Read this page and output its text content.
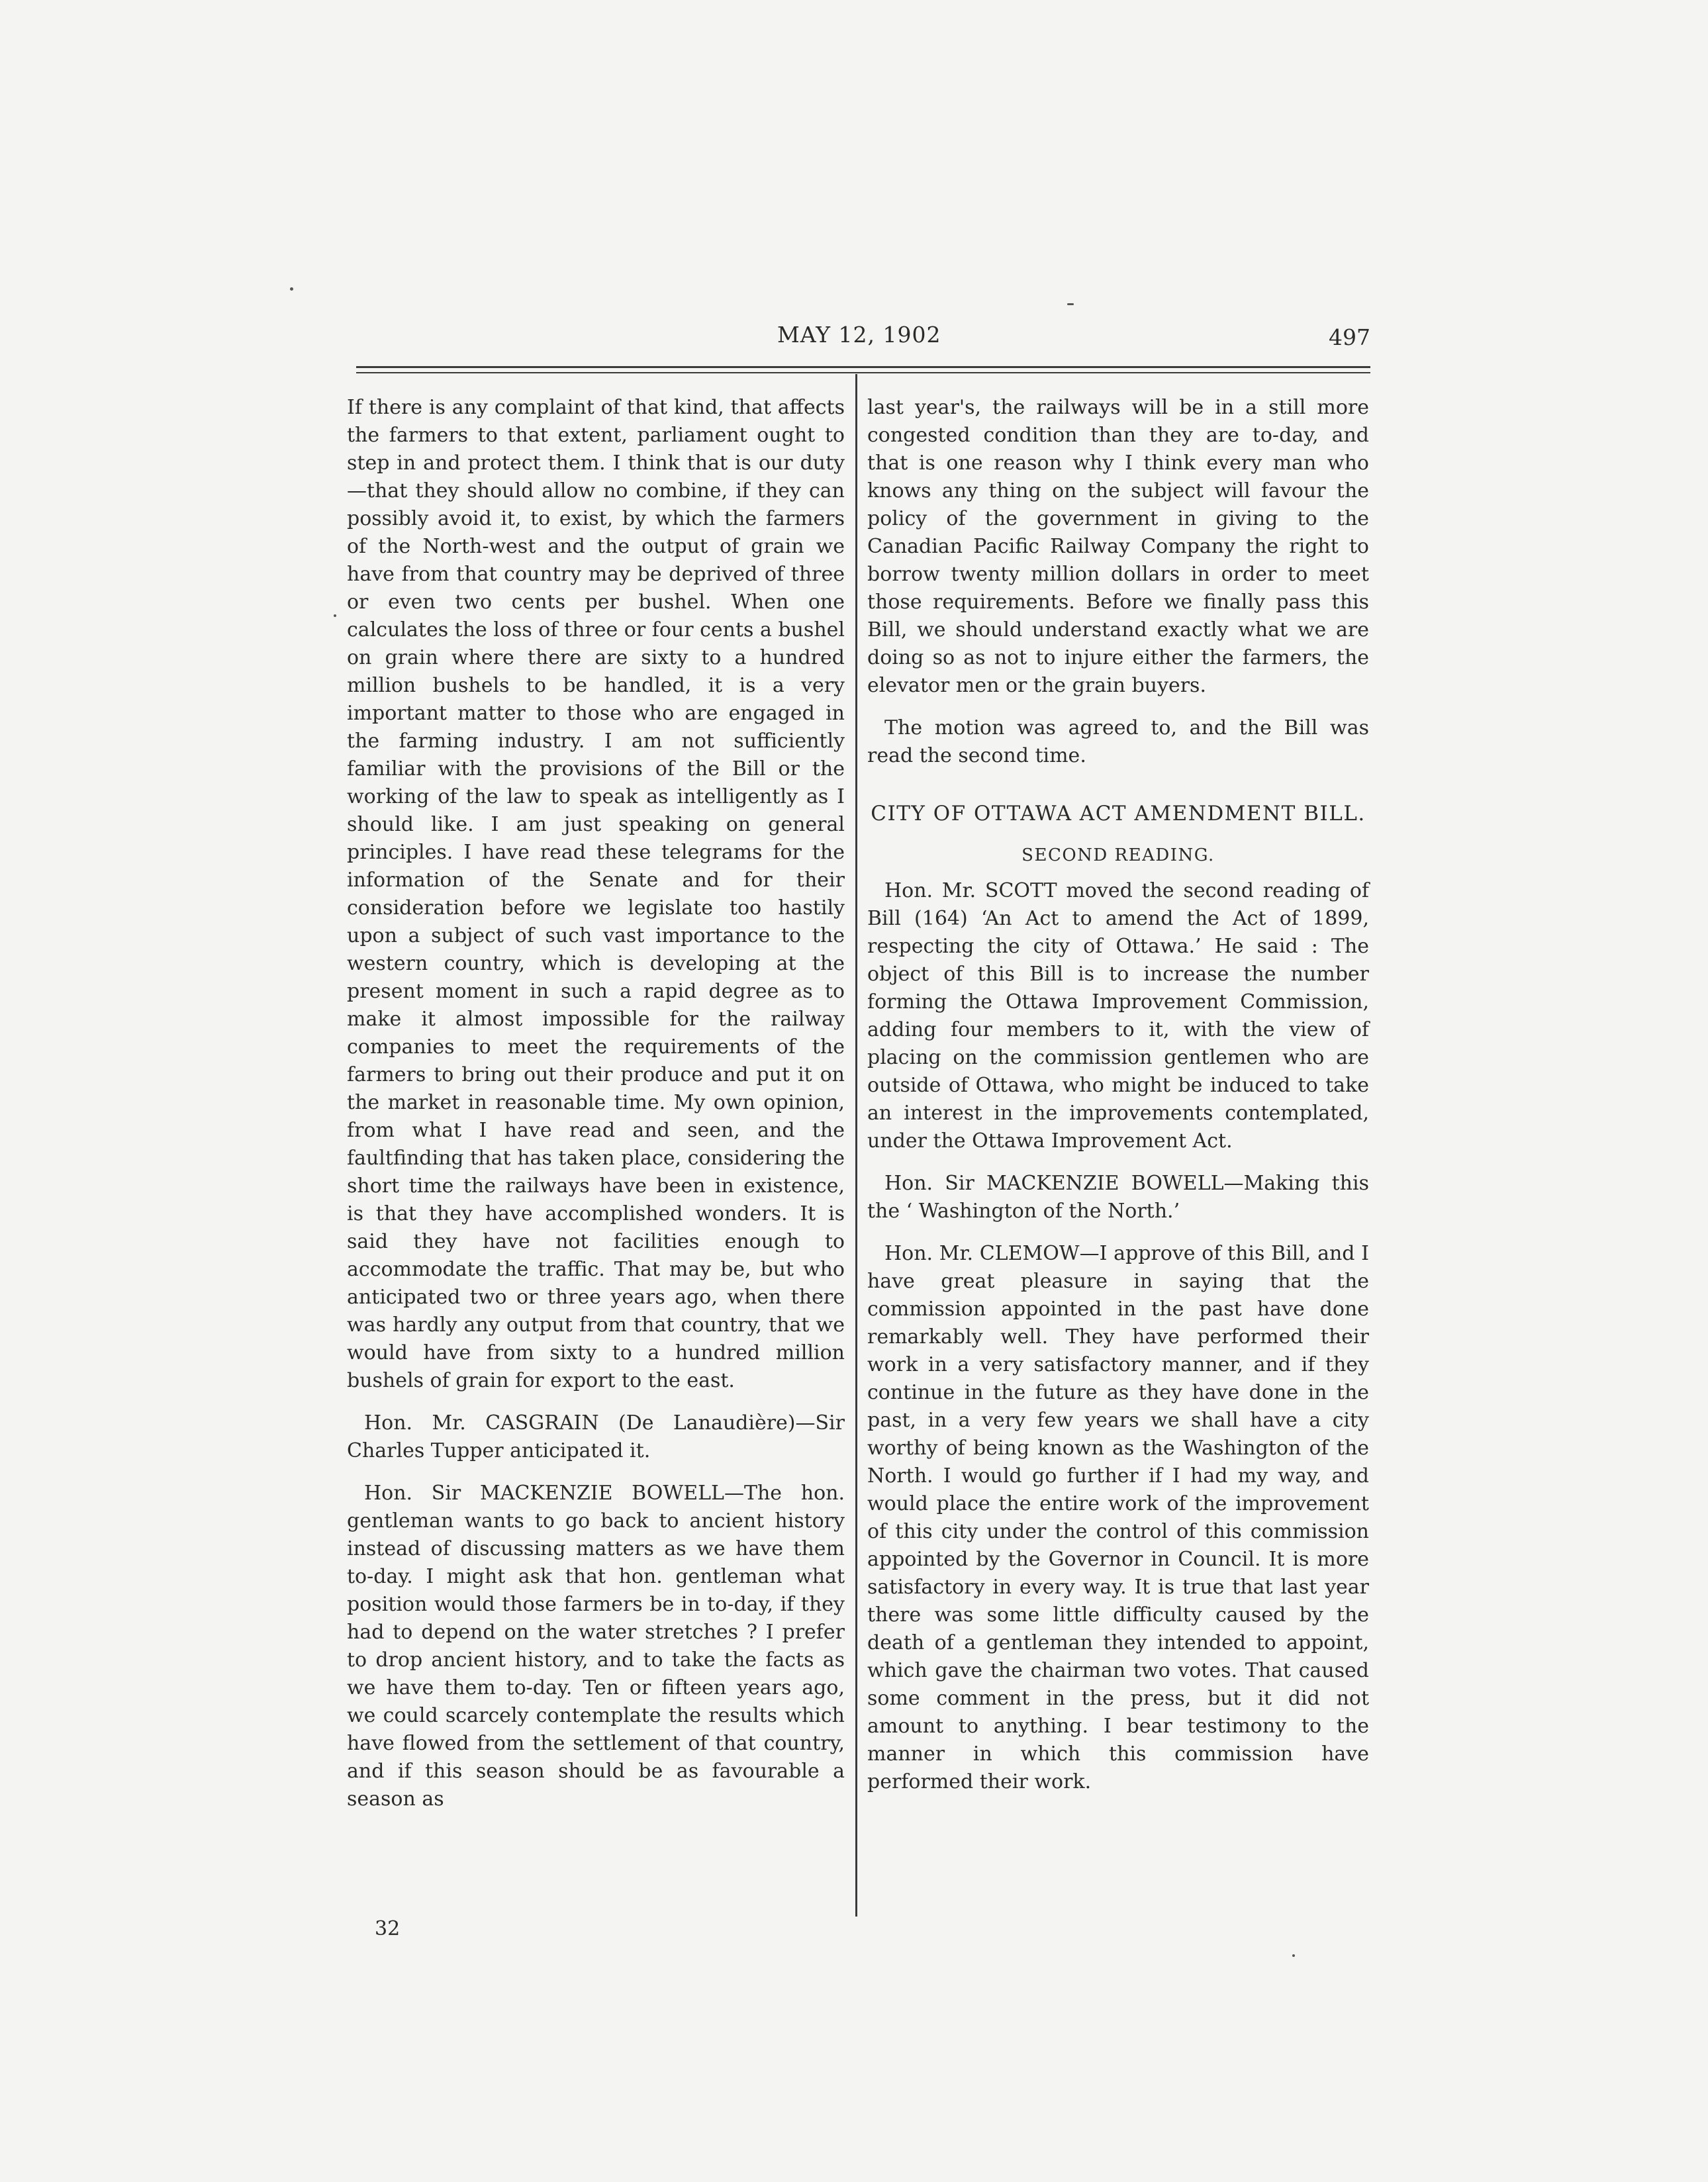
MAY 12, 1902	497

If there is any complaint of that kind, that affects the farmers to that extent, parliament ought to step in and protect them. I think that is our duty—that they should allow no combine, if they can possibly avoid it, to exist, by which the farmers of the North-west and the output of grain we have from that country may be deprived of three or even two cents per bushel. When one calculates the loss of three or four cents a bushel on grain where there are sixty to a hundred million bushels to be handled, it is a very important matter to those who are engaged in the farming industry. I am not sufficiently familiar with the provisions of the Bill or the working of the law to speak as intelligently as I should like. I am just speaking on general principles. I have read these telegrams for the information of the Senate and for their consideration before we legislate too hastily upon a subject of such vast importance to the western country, which is developing at the present moment in such a rapid degree as to make it almost impossible for the railway companies to meet the requirements of the farmers to bring out their produce and put it on the market in reasonable time. My own opinion, from what I have read and seen, and the faultfinding that has taken place, considering the short time the railways have been in existence, is that they have accomplished wonders. It is said they have not facilities enough to accommodate the traffic. That may be, but who anticipated two or three years ago, when there was hardly any output from that country, that we would have from sixty to a hundred million bushels of grain for export to the east.

Hon. Mr. CASGRAIN (De Lanaudière)—Sir Charles Tupper anticipated it.

Hon. Sir MACKENZIE BOWELL—The hon. gentleman wants to go back to ancient history instead of discussing matters as we have them to-day. I might ask that hon. gentleman what position would those farmers be in to-day, if they had to depend on the water stretches ? I prefer to drop ancient history, and to take the facts as we have them to-day. Ten or fifteen years ago, we could scarcely contemplate the results which have flowed from the settlement of that country, and if this season should be as favourable a season as

last year's, the railways will be in a still more congested condition than they are to-day, and that is one reason why I think every man who knows any thing on the subject will favour the policy of the government in giving to the Canadian Pacific Railway Company the right to borrow twenty million dollars in order to meet those requirements. Before we finally pass this Bill, we should understand exactly what we are doing so as not to injure either the farmers, the elevator men or the grain buyers.

The motion was agreed to, and the Bill was read the second time.

CITY OF OTTAWA ACT AMENDMENT BILL.
SECOND READING.

Hon. Mr. SCOTT moved the second reading of Bill (164) ‘An Act to amend the Act of 1899, respecting the city of Ottawa.’ He said : The object of this Bill is to increase the number forming the Ottawa Improvement Commission, adding four members to it, with the view of placing on the commission gentlemen who are outside of Ottawa, who might be induced to take an interest in the improvements contemplated, under the Ottawa Improvement Act.

Hon. Sir MACKENZIE BOWELL—Making this the ‘ Washington of the North.’

Hon. Mr. CLEMOW—I approve of this Bill, and I have great pleasure in saying that the commission appointed in the past have done remarkably well. They have performed their work in a very satisfactory manner, and if they continue in the future as they have done in the past, in a very few years we shall have a city worthy of being known as the Washington of the North. I would go further if I had my way, and would place the entire work of the improvement of this city under the control of this commission appointed by the Governor in Council. It is more satisfactory in every way. It is true that last year there was some little difficulty caused by the death of a gentleman they intended to appoint, which gave the chairman two votes. That caused some comment in the press, but it did not amount to anything. I bear testimony to the manner in which this commission have performed their work.

32
